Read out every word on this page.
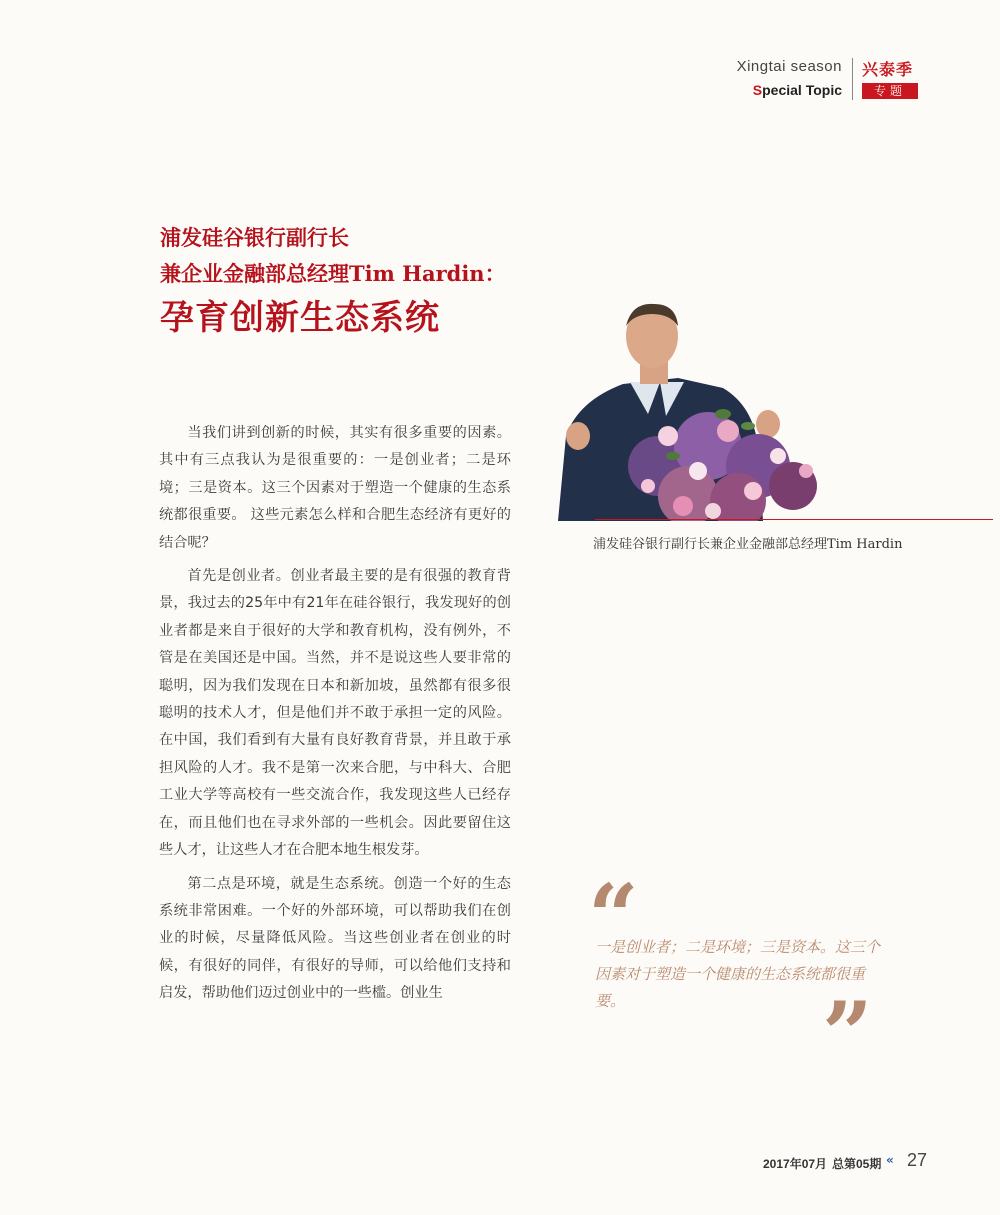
Xingtai season
Special Topic
兴泰季
专题
浦发硅谷银行副行长
兼企业金融部总经理Tim Hardin：
孕育创新生态系统

当我们讲到创新的时候，其实有很多重要的因素。其中有三点我认为是很重要的：一是创业者；二是环境；三是资本。这三个因素对于塑造一个健康的生态系统都很重要。 这些元素怎么样和合肥生态经济有更好的结合呢？

首先是创业者。创业者最主要的是有很强的教育背景，我过去的25年中有21年在硅谷银行，我发现好的创业者都是来自于很好的大学和教育机构，没有例外，不管是在美国还是中国。当然，并不是说这些人要非常的聪明，因为我们发现在日本和新加坡，虽然都有很多很聪明的技术人才，但是他们并不敢于承担一定的风险。在中国，我们看到有大量有良好教育背景，并且敢于承担风险的人才。我不是第一次来合肥，与中科大、合肥工业大学等高校有一些交流合作，我发现这些人已经存在，而且他们也在寻求外部的一些机会。因此要留住这些人才，让这些人才在合肥本地生根发芽。

第二点是环境，就是生态系统。创造一个好的生态系统非常困难。一个好的外部环境，可以帮助我们在创业的时候，尽量降低风险。当这些创业者在创业的时候，有很好的同伴，有很好的导师，可以给他们支持和启发，帮助他们迈过创业中的一些槛。创业生

浦发硅谷银行副行长兼企业金融部总经理Tim Hardin
“
一是创业者；二是环境；三是资本。这三个因素对于塑造一个健康的生态系统都很重要。	”
2017年07月 总第05期 « 27
